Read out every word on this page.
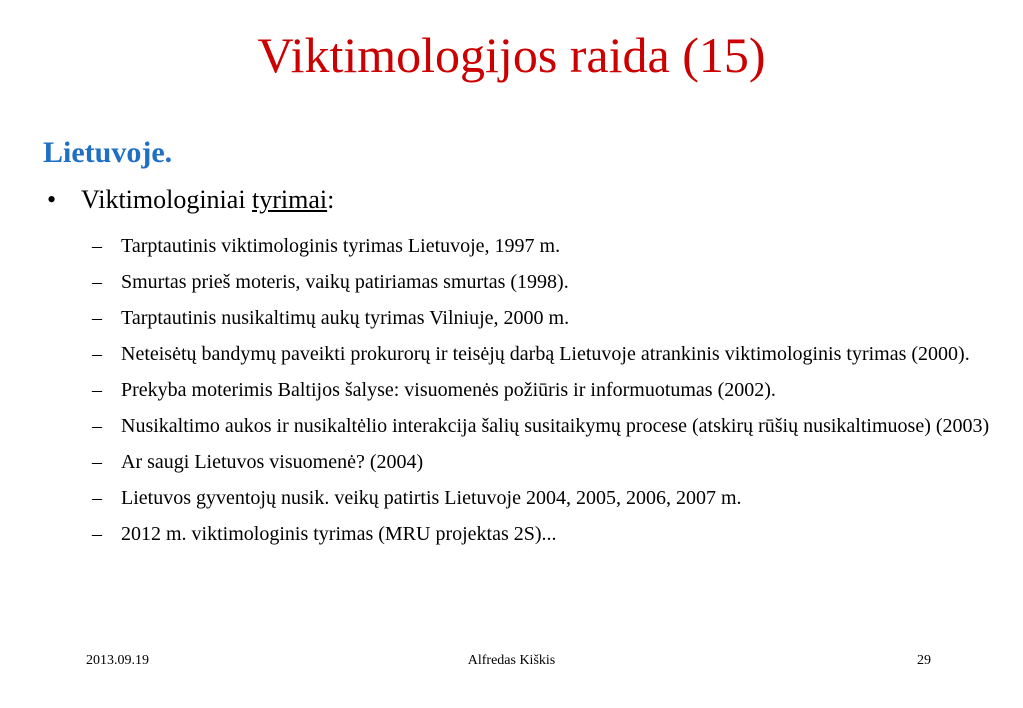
Viktimologijos raida (15)
Lietuvoje.
• Viktimologiniai tyrimai:
– Tarptautinis viktimologinis tyrimas Lietuvoje, 1997 m.
– Smurtas prieš moteris, vaikų patiriamas smurtas (1998).
– Tarptautinis nusikaltimų aukų tyrimas Vilniuje, 2000 m.
– Neteisėtų bandymų paveikti prokurorų ir teisėjų darbą Lietuvoje atrankinis viktimologinis tyrimas (2000).
– Prekyba moterimis Baltijos šalyse: visuomenės požiūris ir informuotumas (2002).
– Nusikaltimo aukos ir nusikaltėlio interakcija šalių susitaikymų procese (atskirų rūšių nusikaltimuose) (2003)
– Ar saugi Lietuvos visuomenė? (2004)
– Lietuvos gyventojų nusik. veikų patirtis Lietuvoje 2004, 2005, 2006, 2007 m.
– 2012 m. viktimologinis tyrimas (MRU projektas 2S)...
2013.09.19	Alfredas Kiškis	29
